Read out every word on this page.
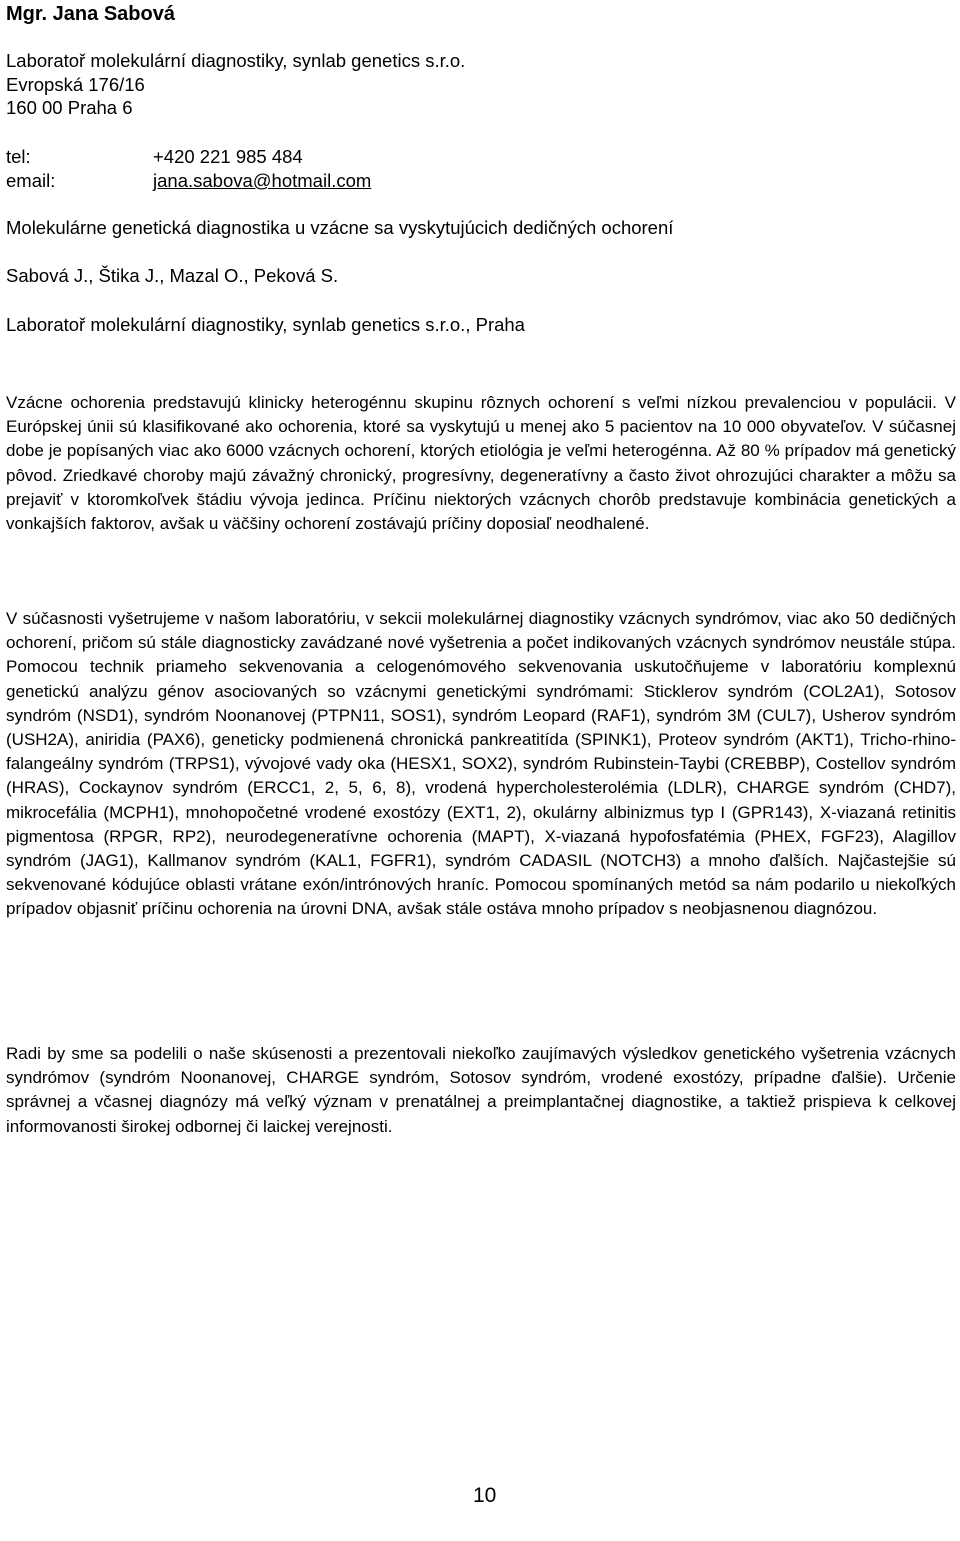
Mgr. Jana Sabová
Laboratoř molekulární diagnostiky, synlab genetics s.r.o.
Evropská 176/16
160 00 Praha 6
tel:	+420 221 985 484
email:	jana.sabova@hotmail.com
Molekulárne genetická diagnostika u vzácne sa vyskytujúcich dedičných ochorení
Sabová J., Štika J., Mazal O., Peková S.
Laboratoř molekulární diagnostiky, synlab genetics s.r.o., Praha

Vzácne ochorenia predstavujú klinicky heterogénnu skupinu rôznych ochorení s veľmi nízkou prevalenciou v populácii. V Európskej únii sú klasifikované ako ochorenia, ktoré sa vyskytujú u menej ako 5 pacientov na 10 000 obyvateľov. V súčasnej dobe je popísaných viac ako 6000 vzácnych ochorení, ktorých etiológia je veľmi heterogénna. Až 80 % prípadov má genetický pôvod. Zriedkavé choroby majú závažný chronický, progresívny, degeneratívny a často život ohrozujúci charakter a môžu sa prejaviť v ktoromkoľvek štádiu vývoja jedinca. Príčinu niektorých vzácnych chorôb predstavuje kombinácia genetických a vonkajších faktorov, avšak u väčšiny ochorení zostávajú príčiny doposiaľ neodhalené.

V súčasnosti vyšetrujeme v našom laboratóriu, v sekcii molekulárnej diagnostiky vzácnych syndrómov, viac ako 50 dedičných ochorení, pričom sú stále diagnosticky zavádzané nové vyšetrenia a počet indikovaných vzácnych syndrómov neustále stúpa. Pomocou technik priameho sekvenovania a celogenómového sekvenovania uskutočňujeme v laboratóriu komplexnú genetickú analýzu génov asociovaných so vzácnymi genetickými syndrómami: Sticklerov syndróm (COL2A1), Sotosov syndróm (NSD1), syndróm Noonanovej (PTPN11, SOS1), syndróm Leopard (RAF1), syndróm 3M (CUL7), Usherov syndróm (USH2A), aniridia (PAX6), geneticky podmienená chronická pankreatitída (SPINK1), Proteov syndróm (AKT1), Tricho-rhino-falangeálny syndróm (TRPS1), vývojové vady oka (HESX1, SOX2), syndróm Rubinstein-Taybi (CREBBP), Costellov syndróm (HRAS), Cockaynov syndróm (ERCC1, 2, 5, 6, 8), vrodená hypercholesterolémia (LDLR), CHARGE syndróm (CHD7), mikrocefália (MCPH1), mnohopočetné vrodené exostózy (EXT1, 2), okulárny albinizmus typ I (GPR143), X-viazaná retinitis pigmentosa (RPGR, RP2), neurodegeneratívne ochorenia (MAPT), X-viazaná hypofosfatémia (PHEX, FGF23), Alagillov syndróm (JAG1), Kallmanov syndróm (KAL1, FGFR1), syndróm CADASIL (NOTCH3) a mnoho ďalších. Najčastejšie sú sekvenované kódujúce oblasti vrátane exón/intrónových hraníc. Pomocou spomínaných metód sa nám podarilo u niekoľkých prípadov objasniť príčinu ochorenia na úrovni DNA, avšak stále ostáva mnoho prípadov s neobjasnenou diagnózou.

Radi by sme sa podelili o naše skúsenosti a prezentovali niekoľko zaujímavých výsledkov genetického vyšetrenia vzácnych syndrómov (syndróm Noonanovej, CHARGE syndróm, Sotosov syndróm, vrodené exostózy, prípadne ďalšie). Určenie správnej a včasnej diagnózy má veľký význam v prenatálnej a preimplantačnej diagnostike, a taktiež prispieva k celkovej informovanosti širokej odbornej či laickej verejnosti.

10
